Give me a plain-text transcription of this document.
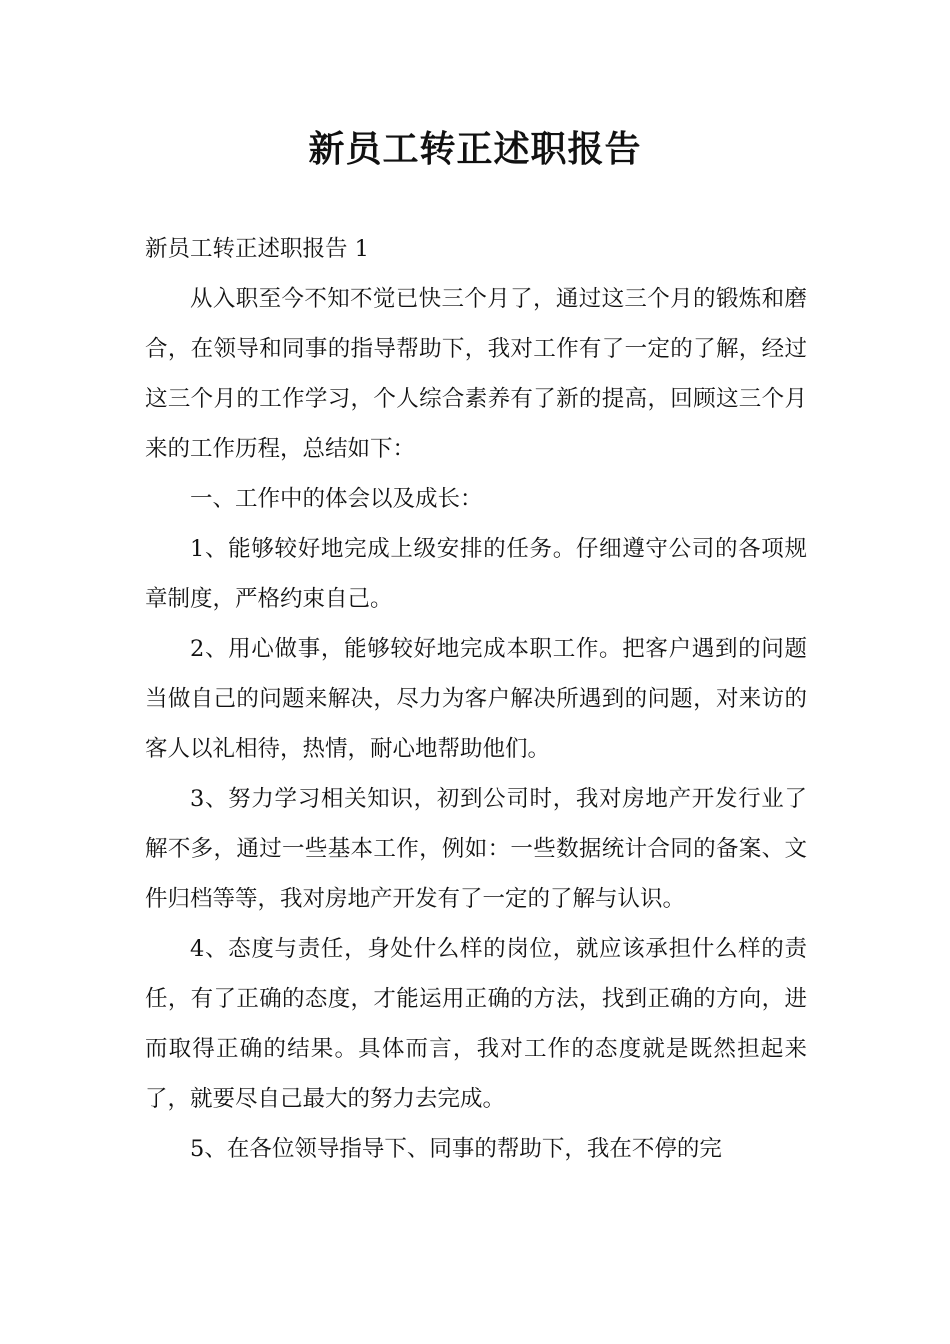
新员工转正述职报告
新员工转正述职报告 1

从入职至今不知不觉已快三个月了，通过这三个月的锻炼和磨合，在领导和同事的指导帮助下，我对工作有了一定的了解，经过这三个月的工作学习，个人综合素养有了新的提高，回顾这三个月来的工作历程，总结如下：

一、工作中的体会以及成长：

1、能够较好地完成上级安排的任务。仔细遵守公司的各项规章制度，严格约束自己。

2、用心做事，能够较好地完成本职工作。把客户遇到的问题当做自己的问题来解决，尽力为客户解决所遇到的问题，对来访的客人以礼相待，热情，耐心地帮助他们。

3、努力学习相关知识，初到公司时，我对房地产开发行业了解不多，通过一些基本工作，例如：一些数据统计合同的备案、文件归档等等，我对房地产开发有了一定的了解与认识。

4、态度与责任，身处什么样的岗位，就应该承担什么样的责任，有了正确的态度，才能运用正确的方法，找到正确的方向，进而取得正确的结果。具体而言，我对工作的态度就是既然担起来了，就要尽自己最大的努力去完成。

5、在各位领导指导下、同事的帮助下，我在不停的完
